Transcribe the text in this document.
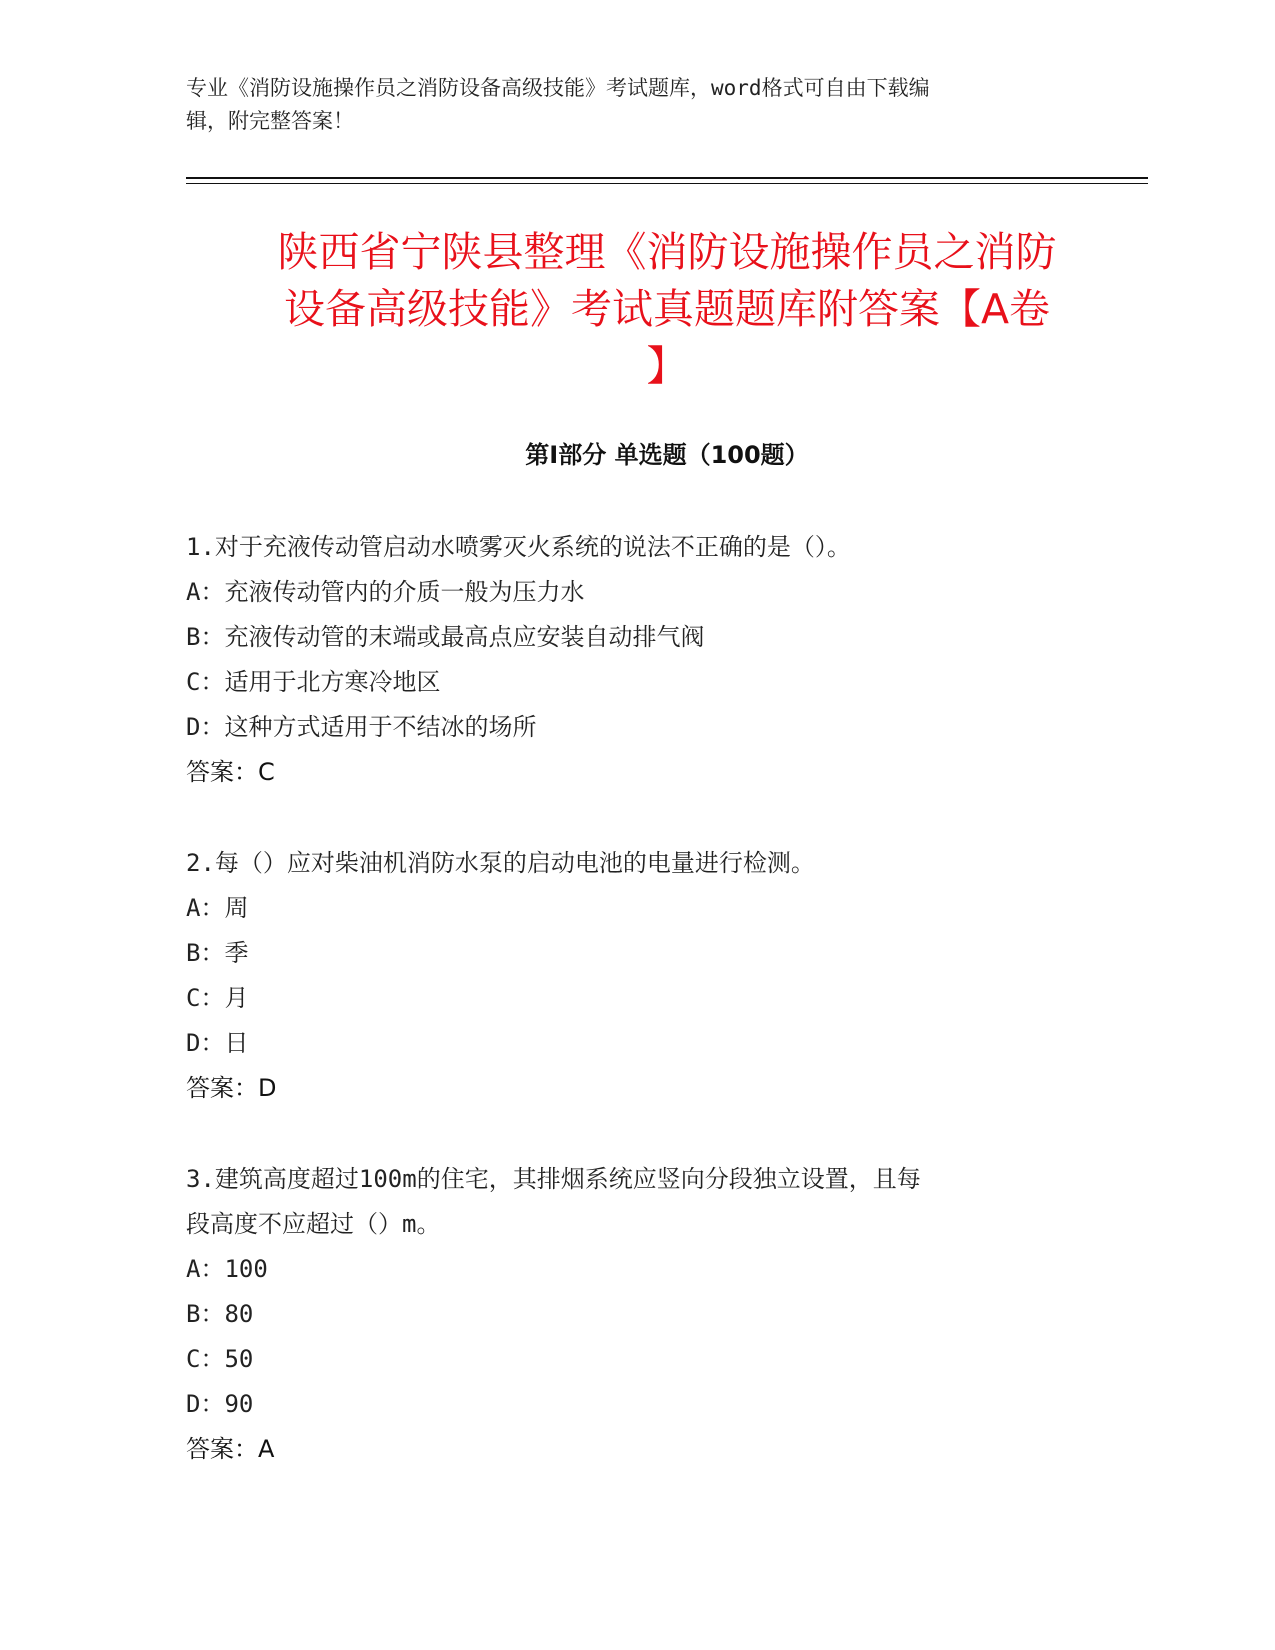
专业《消防设施操作员之消防设备高级技能》考试题库，word格式可自由下载编

辑，附完整答案！

陕西省宁陕县整理《消防设施操作员之消防
设备高级技能》考试真题题库附答案【A卷
】
第I部分 单选题（100题）

1.对于充液传动管启动水喷雾灭火系统的说法不正确的是（）。

A：充液传动管内的介质一般为压力水

B：充液传动管的末端或最高点应安装自动排气阀

C：适用于北方寒冷地区

D：这种方式适用于不结冰的场所

答案：C

2.每（）应对柴油机消防水泵的启动电池的电量进行检测。

A：周

B：季

C：月

D：日

答案：D

3.建筑高度超过100m的住宅，其排烟系统应竖向分段独立设置，且每

段高度不应超过（）m。

A：100

B：80

C：50

D：90

答案：A
